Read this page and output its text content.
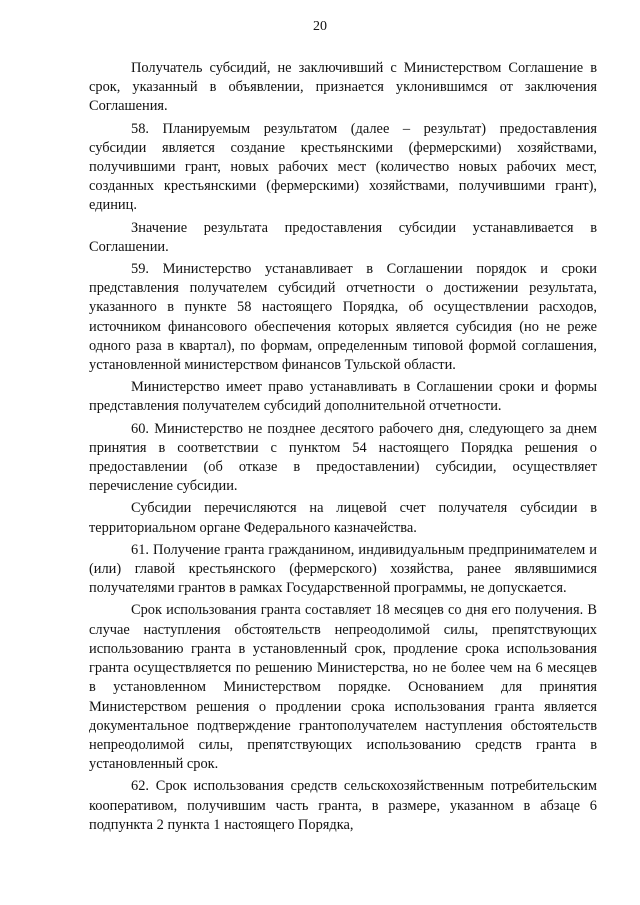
20

Получатель субсидий, не заключивший с Министерством Соглашение в срок, указанный в объявлении, признается уклонившимся от заключения Соглашения.

58. Планируемым результатом (далее – результат) предоставления субсидии является создание крестьянскими (фермерскими) хозяйствами, получившими грант, новых рабочих мест (количество новых рабочих мест, созданных крестьянскими (фермерскими) хозяйствами, получившими грант), единиц.

Значение результата предоставления субсидии устанавливается в Соглашении.

59. Министерство устанавливает в Соглашении порядок и сроки представления получателем субсидий отчетности о достижении результата, указанного в пункте 58 настоящего Порядка, об осуществлении расходов, источником финансового обеспечения которых является субсидия (но не реже одного раза в квартал), по формам, определенным типовой формой соглашения, установленной министерством финансов Тульской области.

Министерство имеет право устанавливать в Соглашении сроки и формы представления получателем субсидий дополнительной отчетности.

60. Министерство не позднее десятого рабочего дня, следующего за днем принятия в соответствии с пунктом 54 настоящего Порядка решения о предоставлении (об отказе в предоставлении) субсидии, осуществляет перечисление субсидии.

Субсидии перечисляются на лицевой счет получателя субсидии в территориальном органе Федерального казначейства.

61. Получение гранта гражданином, индивидуальным предпринимателем и (или) главой крестьянского (фермерского) хозяйства, ранее являвшимися получателями грантов в рамках Государственной программы, не допускается.

Срок использования гранта составляет 18 месяцев со дня его получения. В случае наступления обстоятельств непреодолимой силы, препятствующих использованию гранта в установленный срок, продление срока использования гранта осуществляется по решению Министерства, но не более чем на 6 месяцев в установленном Министерством порядке. Основанием для принятия Министерством решения о продлении срока использования гранта является документальное подтверждение грантополучателем наступления обстоятельств непреодолимой силы, препятствующих использованию средств гранта в установленный срок.

62. Срок использования средств сельскохозяйственным потребительским кооперативом, получившим часть гранта, в размере, указанном в абзаце 6 подпункта 2 пункта 1 настоящего Порядка,
